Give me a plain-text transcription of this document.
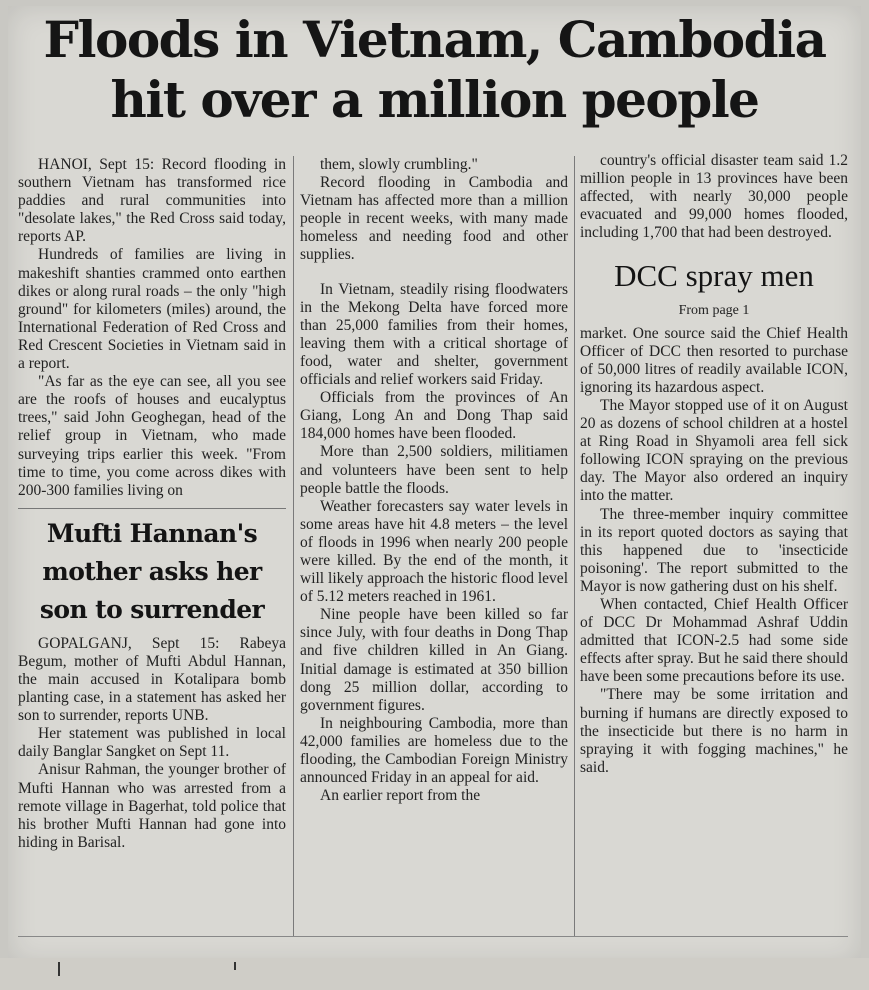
Floods in Vietnam, Cambodia
hit over a million people

HANOI, Sept 15: Record flooding in southern Vietnam has transformed rice paddies and rural communities into "desolate lakes," the Red Cross said today, reports AP.

Hundreds of families are living in makeshift shanties crammed onto earthen dikes or along rural roads – the only "high ground" for kilometers (miles) around, the International Federation of Red Cross and Red Crescent Societies in Vietnam said in a report.

"As far as the eye can see, all you see are the roofs of houses and eucalyptus trees," said John Geoghegan, head of the relief group in Vietnam, who made surveying trips earlier this week. "From time to time, you come across dikes with 200-300 families living on

Mufti Hannan's mother asks her son to surrender

GOPALGANJ, Sept 15: Rabeya Begum, mother of Mufti Abdul Hannan, the main accused in Kotalipara bomb planting case, in a statement has asked her son to surrender, reports UNB.

Her statement was published in local daily Banglar Sangket on Sept 11.

Anisur Rahman, the younger brother of Mufti Hannan who was arrested from a remote village in Bagerhat, told police that his brother Mufti Hannan had gone into hiding in Barisal.

them, slowly crumbling."

Record flooding in Cambodia and Vietnam has affected more than a million people in recent weeks, with many made homeless and needing food and other supplies.

In Vietnam, steadily rising floodwaters in the Mekong Delta have forced more than 25,000 families from their homes, leaving them with a critical shortage of food, water and shelter, government officials and relief workers said Friday.

Officials from the provinces of An Giang, Long An and Dong Thap said 184,000 homes have been flooded.

More than 2,500 soldiers, militiamen and volunteers have been sent to help people battle the floods.

Weather forecasters say water levels in some areas have hit 4.8 meters – the level of floods in 1996 when nearly 200 people were killed. By the end of the month, it will likely approach the historic flood level of 5.12 meters reached in 1961.

Nine people have been killed so far since July, with four deaths in Dong Thap and five children killed in An Giang. Initial damage is estimated at 350 billion dong 25 million dollar, according to government figures.

In neighbouring Cambodia, more than 42,000 families are homeless due to the flooding, the Cambodian Foreign Ministry announced Friday in an appeal for aid.

An earlier report from the

country's official disaster team said 1.2 million people in 13 provinces have been affected, with nearly 30,000 people evacuated and 99,000 homes flooded, including 1,700 that had been destroyed.

DCC spray men
From page 1

market. One source said the Chief Health Officer of DCC then resorted to purchase of 50,000 litres of readily available ICON, ignoring its hazardous aspect.

The Mayor stopped use of it on August 20 as dozens of school children at a hostel at Ring Road in Shyamoli area fell sick following ICON spraying on the previous day. The Mayor also ordered an inquiry into the matter.

The three-member inquiry committee in its report quoted doctors as saying that this happened due to 'insecticide poisoning'. The report submitted to the Mayor is now gathering dust on his shelf.

When contacted, Chief Health Officer of DCC Dr Mohammad Ashraf Uddin admitted that ICON-2.5 had some side effects after spray. But he said there should have been some precautions before its use.

"There may be some irritation and burning if humans are directly exposed to the insecticide but there is no harm in spraying it with fogging machines," he said.
